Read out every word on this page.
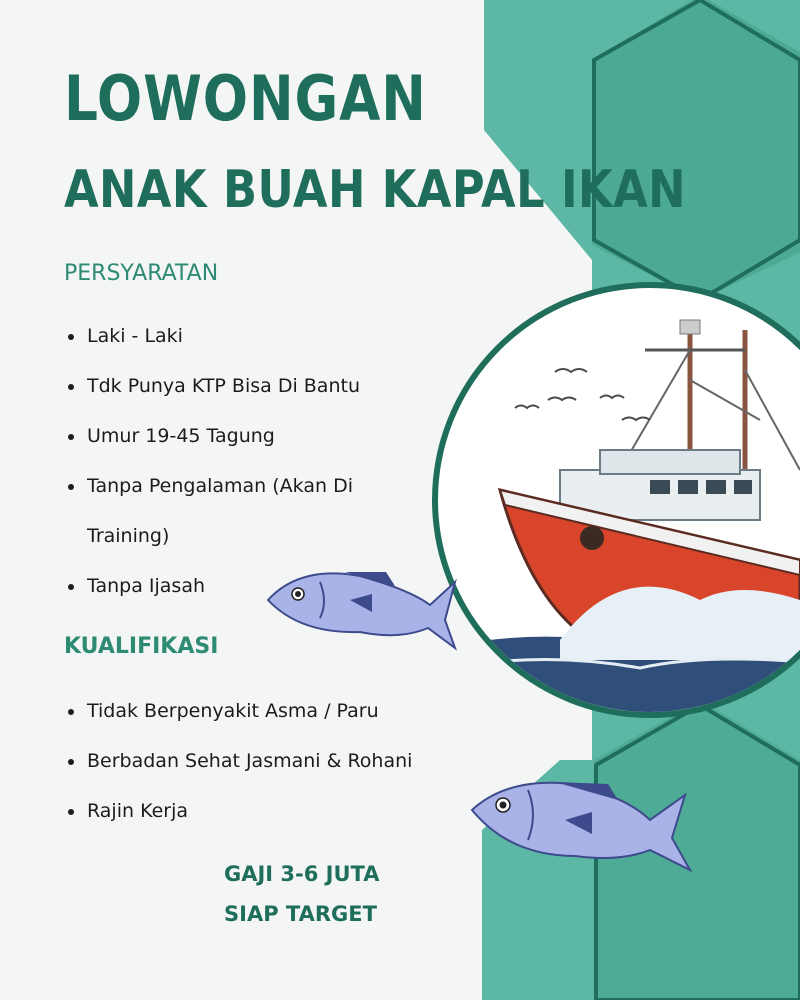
LOWONGAN
ANAK BUAH KAPAL IKAN
PERSYARATAN
Laki - Laki
Tdk Punya KTP Bisa Di Bantu
Umur 19-45 Tagung
Tanpa Pengalaman (Akan Di Training)
Tanpa Ijasah
KUALIFIKASI
Tidak Berpenyakit Asma / Paru
Berbadan Sehat Jasmani & Rohani
Rajin Kerja

GAJI 3-6 JUTA

SIAP TARGET
